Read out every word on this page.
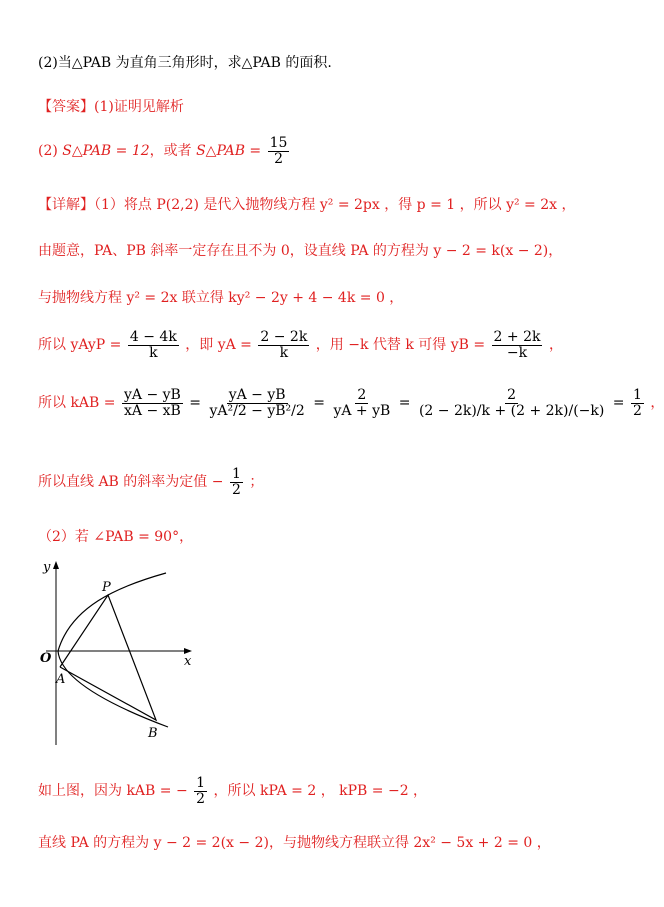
(2)当△PAB 为直角三角形时，求△PAB 的面积.
【答案】(1)证明见解析
(2) S△PAB = 12，或者 S△PAB = $\frac{15}{2}$
【详解】（1）将点 P(2,2) 是代入抛物线方程 y² = 2px ，得 p = 1 ，所以 y² = 2x ，
由题意，PA、PB 斜率一定存在且不为 0，设直线 PA 的方程为 y − 2 = k(x − 2)，
与抛物线方程 y² = 2x 联立得 ky² − 2y + 4 − 4k = 0 ，
所以 yAyP = $\frac{4 - 4k}{k}$ ，即 yA = $\frac{2 - 2k}{k}$ ，用 −k 代替 k 可得 yB = $\frac{2 + 2k}{-k}$ ，
所以 kAB = $\frac{yA - yB}{xA - xB} = \frac{yA - yB}{\text{yA²/2 − yB²/2}} = \frac{2}{yA + yB} = \frac{2}{(2 - 2k)/k + (2 + 2k)/(-k)} = \frac{1}{2}$ ，
所以直线 AB 的斜率为定值 − $\frac{1}{2}$ ；
（2）若 ∠PAB = 90°，
y
x
O
P
A
B
如上图，因为 kAB = − $\frac{1}{2}$ ，所以 kPA = 2 ， kPB = −2 ，
直线 PA 的方程为 y − 2 = 2(x − 2)，与抛物线方程联立得 2x² − 5x + 2 = 0 ，
